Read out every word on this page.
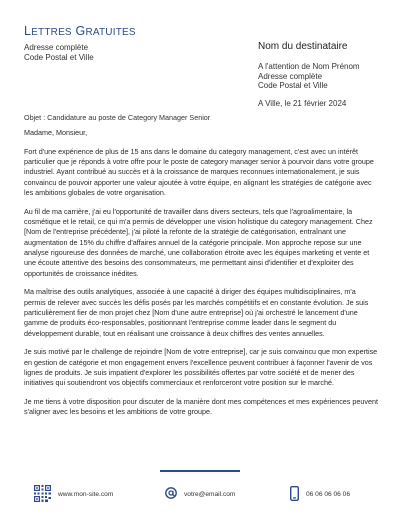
LETTRES GRATUITES
Adresse complète
Code Postal et Ville
Nom du destinataire
A l'attention de Nom Prénom
Adresse complète
Code Postal et Ville
A Ville, le 21 février 2024
Objet : Candidature au poste de Category Manager Senior

Madame, Monsieur,

Fort d'une expérience de plus de 15 ans dans le domaine du category management, c'est avec un intérêt particulier que je réponds à votre offre pour le poste de category manager senior à pourvoir dans votre groupe industriel. Ayant contribué au succès et à la croissance de marques reconnues internationalement, je suis convaincu de pouvoir apporter une valeur ajoutée à votre équipe, en alignant les stratégies de catégorie avec les ambitions globales de votre organisation.

Au fil de ma carrière, j'ai eu l'opportunité de travailler dans divers secteurs, tels que l'agroalimentaire, la cosmétique et le retail, ce qui m'a permis de développer une vision holistique du category management. Chez [Nom de l'entreprise précédente], j'ai piloté la refonte de la stratégie de catégorisation, entraînant une augmentation de 15% du chiffre d'affaires annuel de la catégorie principale. Mon approche repose sur une analyse rigoureuse des données de marché, une collaboration étroite avec les équipes marketing et vente et une écoute attentive des besoins des consommateurs, me permettant ainsi d'identifier et d'exploiter des opportunités de croissance inédites.

Ma maîtrise des outils analytiques, associée à une capacité à diriger des équipes multidisciplinaires, m'a permis de relever avec succès les défis posés par les marchés compétitifs et en constante évolution. Je suis particulièrement fier de mon projet chez [Nom d'une autre entreprise] où j'ai orchestré le lancement d'une gamme de produits éco-responsables, positionnant l'entreprise comme leader dans le segment du développement durable, tout en réalisant une croissance à deux chiffres des ventes annuelles.

Je suis motivé par le challenge de rejoindre [Nom de votre entreprise], car je suis convaincu que mon expertise en gestion de catégorie et mon engagement envers l'excellence peuvent contribuer à façonner l'avenir de vos lignes de produits. Je suis impatient d'explorer les possibilités offertes par votre société et de mener des initiatives qui soutiendront vos objectifs commerciaux et renforceront votre position sur le marché.

Je me tiens à votre disposition pour discuter de la manière dont mes compétences et mes expériences peuvent s'aligner avec les besoins et les ambitions de votre groupe.

www.mon-site.com	votre@email.com	06 06 06 06 06
